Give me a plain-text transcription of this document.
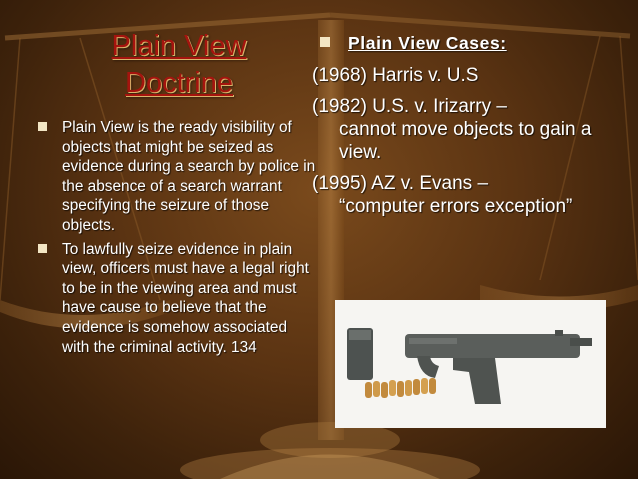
Plain View
Doctrine
Plain View is the ready visibility of objects that might be seized as evidence during a search by police in the absence of a search warrant specifying the seizure of those objects.
To lawfully seize evidence in plain view, officers must have a legal right to be in the viewing area and must have cause to believe that the evidence is somehow associated with the criminal activity. 134
Plain View Cases:
(1968) Harris v. U.S
(1982) U.S. v. Irizarry –
cannot move objects to gain a view.
(1995) AZ v. Evans –
“computer errors exception”
